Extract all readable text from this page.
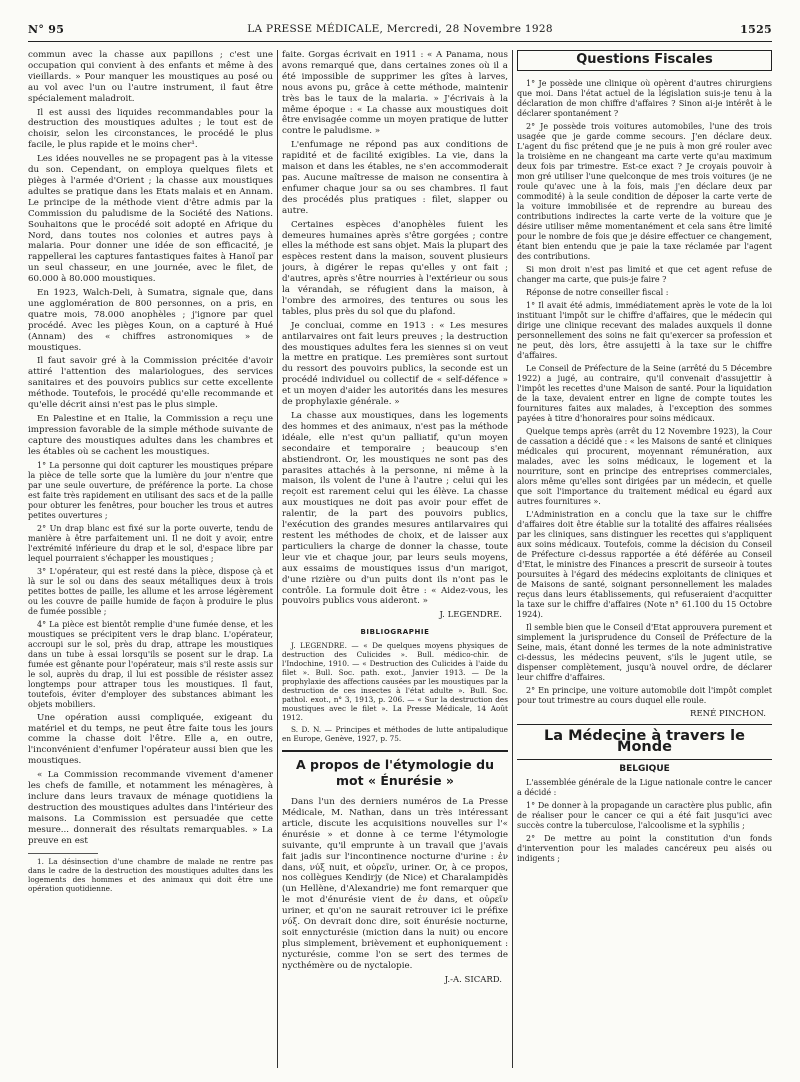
N° 95	LA PRESSE MÉDICALE, Mercredi, 28 Novembre 1928	1525

commun avec la chasse aux papillons ; c'est une occupation qui convient à des enfants et même à des vieillards. » Pour manquer les moustiques au posé ou au vol avec l'un ou l'autre instrument, il faut être spécialement maladroit.

Il est aussi des liquides recommandables pour la destruction des moustiques adultes ; le tout est de choisir, selon les circonstances, le procédé le plus facile, le plus rapide et le moins cher¹.

Les idées nouvelles ne se propagent pas à la vitesse du son. Cependant, on employa quelques filets et pièges à l'armée d'Orient ; la chasse aux moustiques adultes se pratique dans les Etats malais et en Annam. Le principe de la méthode vient d'être admis par la Commission du paludisme de la Société des Nations. Souhaitons que le procédé soit adopté en Afrique du Nord, dans toutes nos colonies et autres pays à malaria. Pour donner une idée de son efficacité, je rappellerai les captures fantastiques faites à Hanoï par un seul chasseur, en une journée, avec le filet, de 60.000 à 80.000 moustiques.

En 1923, Walch-Deli, à Sumatra, signale que, dans une agglomération de 800 personnes, on a pris, en quatre mois, 78.000 anophèles ; j'ignore par quel procédé. Avec les pièges Koun, on a capturé à Hué (Annam) des « chiffres astronomiques » de moustiques.

Il faut savoir gré à la Commission précitée d'avoir attiré l'attention des malariologues, des services sanitaires et des pouvoirs publics sur cette excellente méthode. Toutefois, le procédé qu'elle recommande et qu'elle décrit ainsi n'est pas le plus simple.

En Palestine et en Italie, la Commission a reçu une impression favorable de la simple méthode suivante de capture des moustiques adultes dans les chambres et les étables où se cachent les moustiques.

1° La personne qui doit capturer les moustiques prépare la pièce de telle sorte que la lumière du jour n'entre que par une seule ouverture, de préférence la porte. La chose est faite très rapidement en utilisant des sacs et de la paille pour obturer les fenêtres, pour boucher les trous et autres petites ouvertures ;

2° Un drap blanc est fixé sur la porte ouverte, tendu de manière à être parfaitement uni. Il ne doit y avoir, entre l'extrémité inférieure du drap et le sol, d'espace libre par lequel pourraient s'échapper les moustiques ;

3° L'opérateur, qui est resté dans la pièce, dispose çà et là sur le sol ou dans des seaux métalliques deux à trois petites bottes de paille, les allume et les arrose légèrement ou les couvre de paille humide de façon à produire le plus de fumée possible ;

4° La pièce est bientôt remplie d'une fumée dense, et les moustiques se précipitent vers le drap blanc. L'opérateur, accroupi sur le sol, près du drap, attrape les moustiques dans un tube à essai lorsqu'ils se posent sur le drap. La fumée est gênante pour l'opérateur, mais s'il reste assis sur le sol, auprès du drap, il lui est possible de résister assez longtemps pour attraper tous les moustiques. Il faut, toutefois, éviter d'employer des substances abimant les objets mobiliers.

Une opération aussi compliquée, exigeant du matériel et du temps, ne peut être faite tous les jours comme la chasse doit l'être. Elle a, en outre, l'inconvénient d'enfumer l'opérateur aussi bien que les moustiques.

« La Commission recommande vivement d'amener les chefs de famille, et notamment les ménagères, à inclure dans leurs travaux de ménage quotidiens la destruction des moustiques adultes dans l'intérieur des maisons. La Commission est persuadée que cette mesure... donnerait des résultats remarquables. » La preuve en est

1. La désinsection d'une chambre de malade ne rentre pas dans le cadre de la destruction des moustiques adultes dans les logements des hommes et des animaux qui doit être une opération quotidienne.

faite. Gorgas écrivait en 1911 : « A Panama, nous avons remarqué que, dans certaines zones où il a été impossible de supprimer les gîtes à larves, nous avons pu, grâce à cette méthode, maintenir très bas le taux de la malaria. » J'écrivais à la même époque : « La chasse aux moustiques doit être envisagée comme un moyen pratique de lutter contre le paludisme. »

L'enfumage ne répond pas aux conditions de rapidité et de facilité exigibles. La vie, dans la maison et dans les étables, ne s'en accommoderait pas. Aucune maîtresse de maison ne consentira à enfumer chaque jour sa ou ses chambres. Il faut des procédés plus pratiques : filet, slapper ou autre.

Certaines espèces d'anophèles fuient les demeures humaines après s'être gorgées ; contre elles la méthode est sans objet. Mais la plupart des espèces restent dans la maison, souvent plusieurs jours, à digérer le repas qu'elles y ont fait ; d'autres, après s'être nourries à l'extérieur ou sous la vérandah, se réfugient dans la maison, à l'ombre des armoires, des tentures ou sous les tables, plus près du sol que du plafond.

Je concluai, comme en 1913 : « Les mesures antilarvaires ont fait leurs preuves ; la destruction des moustiques adultes fera les siennes si on veut la mettre en pratique. Les premières sont surtout du ressort des pouvoirs publics, la seconde est un procédé individuel ou collectif de « self-défence » et un moyen d'aider les autorités dans les mesures de prophylaxie générale. »

La chasse aux moustiques, dans les logements des hommes et des animaux, n'est pas la méthode idéale, elle n'est qu'un palliatif, qu'un moyen secondaire et temporaire ; beaucoup s'en abstiendront. Or, les moustiques ne sont pas des parasites attachés à la personne, ni même à la maison, ils volent de l'une à l'autre ; celui qui les reçoit est rarement celui qui les élève. La chasse aux moustiques ne doit pas avoir pour effet de ralentir, de la part des pouvoirs publics, l'exécution des grandes mesures antilarvaires qui restent les méthodes de choix, et de laisser aux particuliers la charge de donner la chasse, toute leur vie et chaque jour, par leurs seuls moyens, aux essaims de moustiques issus d'un marigot, d'une rizière ou d'un puits dont ils n'ont pas le contrôle. La formule doit être : « Aidez-vous, les pouvoirs publics vous aideront. »

J. LEGENDRE.
BIBLIOGRAPHIE

J. LEGENDRE. — « De quelques moyens physiques de destruction des Culicides ». Bull. médico-chir. de l'Indochine, 1910. — « Destruction des Culicides à l'aide du filet ». Bull. Soc. path. exot., Janvier 1913. — De la prophylaxie des affections causées par les moustiques par la destruction de ces insectes à l'état adulte ». Bull. Soc. pathol. exot., n° 3, 1913, p. 206. — « Sur la destruction des moustiques avec le filet ». La Presse Médicale, 14 Août 1912.

S. D. N. — Principes et méthodes de lutte antipaludique en Europe, Genève, 1927, p. 75.

A propos de l'étymologie du mot « Énurésie »

Dans l'un des derniers numéros de La Presse Médicale, M. Nathan, dans un très intéressant article, discute les acquisitions nouvelles sur l'« énurésie » et donne à ce terme l'étymologie suivante, qu'il emprunte à un travail que j'avais fait jadis sur l'incontinence nocturne d'urine : ἐν dans, νύξ nuit, et οὐρεῖν, uriner. Or, à ce propos, nos collègues Kendirjy (de Nice) et Charalampidès (un Hellène, d'Alexandrie) me font remarquer que le mot d'énurésie vient de ἐν dans, et οὐρεῖν uriner, et qu'on ne saurait retrouver ici le préfixe νύξ. On devrait donc dire, soit énurésie nocturne, soit ennycturésie (miction dans la nuit) ou encore plus simplement, brièvement et euphoniquement : nycturésie, comme l'on se sert des termes de nycthémère ou de nyctalopie.

J.-A. SICARD.
Questions Fiscales

1° Je possède une clinique où opèrent d'autres chirurgiens que moi. Dans l'état actuel de la législation suis-je tenu à la déclaration de mon chiffre d'affaires ? Sinon ai-je intérêt à le déclarer spontanément ?

2° Je possède trois voitures automobiles, l'une des trois usagée que je garde comme secours. J'en déclare deux. L'agent du fisc prétend que je ne puis à mon gré rouler avec la troisième en ne changeant ma carte verte qu'au maximum deux fois par trimestre. Est-ce exact ? Je croyais pouvoir à mon gré utiliser l'une quelconque de mes trois voitures (je ne roule qu'avec une à la fois, mais j'en déclare deux par commodité) à la seule condition de déposer la carte verte de la voiture immobilisée et de reprendre au bureau des contributions indirectes la carte verte de la voiture que je désire utiliser même momentanément et cela sans être limité pour le nombre de fois que je désire effectuer ce changement, étant bien entendu que je paie la taxe réclamée par l'agent des contributions.

Si mon droit n'est pas limité et que cet agent refuse de changer ma carte, que puis-je faire ?

Réponse de notre conseiller fiscal :

1° Il avait été admis, immédiatement après le vote de la loi instituant l'impôt sur le chiffre d'affaires, que le médecin qui dirige une clinique recevant des malades auxquels il donne personnellement des soins ne fait qu'exercer sa profession et ne peut, dès lors, être assujetti à la taxe sur le chiffre d'affaires.

Le Conseil de Préfecture de la Seine (arrêté du 5 Décembre 1922) a jugé, au contraire, qu'il convenait d'assujettir à l'impôt les recettes d'une Maison de santé. Pour la liquidation de la taxe, devaient entrer en ligne de compte toutes les fournitures faites aux malades, à l'exception des sommes payées à titre d'honoraires pour soins médicaux.

Quelque temps après (arrêt du 12 Novembre 1923), la Cour de cassation a décidé que : « les Maisons de santé et cliniques médicales qui procurent, moyennant rémunération, aux malades, avec les soins médicaux, le logement et la nourriture, sont en principe des entreprises commerciales, alors même qu'elles sont dirigées par un médecin, et quelle que soit l'importance du traitement médical eu égard aux autres fournitures ».

L'Administration en a conclu que la taxe sur le chiffre d'affaires doit être établie sur la totalité des affaires réalisées par les cliniques, sans distinguer les recettes qui s'appliquent aux soins médicaux. Toutefois, comme la décision du Conseil de Préfecture ci-dessus rapportée a été déférée au Conseil d'Etat, le ministre des Finances a prescrit de surseoir à toutes poursuites à l'égard des médecins exploitants de cliniques et de Maisons de santé, soignant personnellement les malades reçus dans leurs établissements, qui refuseraient d'acquitter la taxe sur le chiffre d'affaires (Note n° 61.100 du 15 Octobre 1924).

Il semble bien que le Conseil d'Etat approuvera purement et simplement la jurisprudence du Conseil de Préfecture de la Seine, mais, étant donné les termes de la note administrative ci-dessus, les médecins peuvent, s'ils le jugent utile, se dispenser complètement, jusqu'à nouvel ordre, de déclarer leur chiffre d'affaires.

2° En principe, une voiture automobile doit l'impôt complet pour tout trimestre au cours duquel elle roule.

RENÉ PINCHON.
La Médecine à travers le Monde
BELGIQUE

L'assemblée générale de la Ligue nationale contre le cancer a décidé :

1° De donner à la propagande un caractère plus public, afin de réaliser pour le cancer ce qui a été fait jusqu'ici avec succès contre la tuberculose, l'alcoolisme et la syphilis ;

2° De mettre au point la constitution d'un fonds d'intervention pour les malades cancéreux peu aisés ou indigents ;
